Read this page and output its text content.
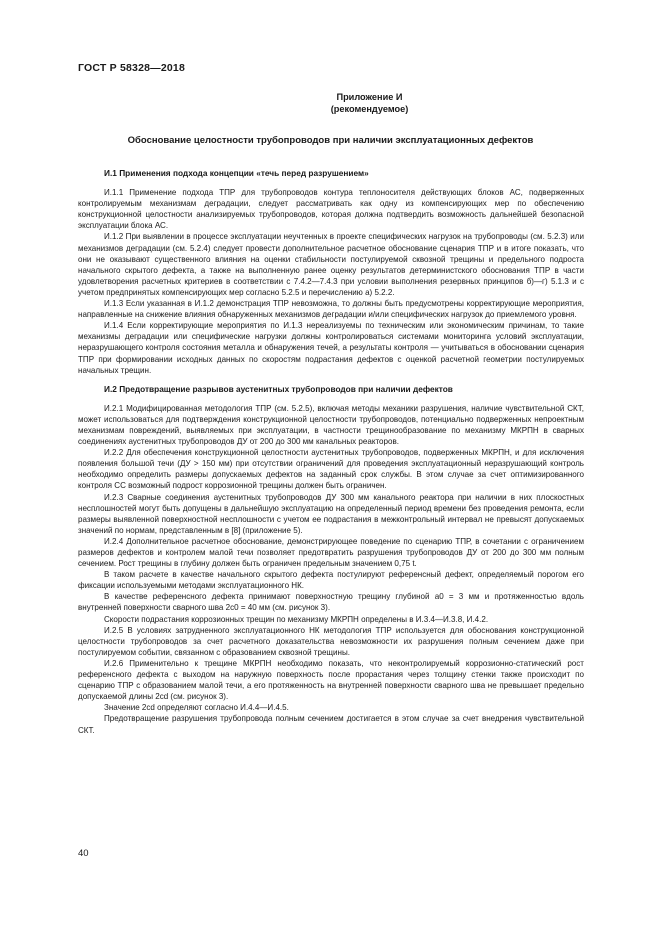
ГОСТ Р 58328—2018
Приложение И
(рекомендуемое)
Обоснование целостности трубопроводов при наличии эксплуатационных дефектов
И.1 Применения подхода концепции «течь перед разрушением»

И.1.1 Применение подхода ТПР для трубопроводов контура теплоносителя действующих блоков АС, подверженных контролируемым механизмам деградации, следует рассматривать как одну из компенсирующих мер по обеспечению конструкционной целостности анализируемых трубопроводов, которая должна подтвердить возможность дальнейшей безопасной эксплуатации блока АС.

И.1.2 При выявлении в процессе эксплуатации неучтенных в проекте специфических нагрузок на трубопроводы (см. 5.2.3) или механизмов деградации (см. 5.2.4) следует провести дополнительное расчетное обоснование сценария ТПР и в итоге показать, что они не оказывают существенного влияния на оценки стабильности постулируемой сквозной трещины и предельного подроста начального скрытого дефекта, а также на выполненную ранее оценку результатов детерминистского обоснования ТПР в части удовлетворения расчетных критериев в соответствии с 7.4.2—7.4.3 при условии выполнения резервных принципов б)—г) 5.1.3 и с учетом предпринятых компенсирующих мер согласно 5.2.5 и перечислению а) 5.2.2.

И.1.3 Если указанная в И.1.2 демонстрация ТПР невозможна, то должны быть предусмотрены корректирующие мероприятия, направленные на снижение влияния обнаруженных механизмов деградации и/или специфических нагрузок до приемлемого уровня.

И.1.4 Если корректирующие мероприятия по И.1.3 нереализуемы по техническим или экономическим причинам, то такие механизмы деградации или специфические нагрузки должны контролироваться системами мониторинга условий эксплуатации, неразрушающего контроля состояния металла и обнаружения течей, а результаты контроля — учитываться в обосновании сценария ТПР при формировании исходных данных по скоростям подрастания дефектов с оценкой расчетной геометрии постулируемых начальных трещин.

И.2 Предотвращение разрывов аустенитных трубопроводов при наличии дефектов

И.2.1 Модифицированная методология ТПР (см. 5.2.5), включая методы механики разрушения, наличие чувствительной СКТ, может использоваться для подтверждения конструкционной целостности трубопроводов, потенциально подверженных непроектным механизмам повреждений, выявляемых при эксплуатации, в частности трещинообразование по механизму МКРПН в сварных соединениях аустенитных трубопроводов ДУ от 200 до 300 мм канальных реакторов.

И.2.2 Для обеспечения конструкционной целостности аустенитных трубопроводов, подверженных МКРПН, и для исключения появления большой течи (ДУ > 150 мм) при отсутствии ограничений для проведения эксплуатационный неразрушающий контроль необходимо определить размеры допускаемых дефектов на заданный срок службы. В этом случае за счет оптимизированного контроля СС возможный подрост коррозионной трещины должен быть ограничен.

И.2.3 Сварные соединения аустенитных трубопроводов ДУ 300 мм канального реактора при наличии в них плоскостных несплошностей могут быть допущены в дальнейшую эксплуатацию на определенный период времени без проведения ремонта, если размеры выявленной поверхностной несплошности с учетом ее подрастания в межконтрольный интервал не превысят допускаемых значений по нормам, представленным в [8] (приложение 5).

И.2.4 Дополнительное расчетное обоснование, демонстрирующее поведение по сценарию ТПР, в сочетании с ограничением размеров дефектов и контролем малой течи позволяет предотвратить разрушения трубопроводов ДУ от 200 до 300 мм полным сечением. Рост трещины в глубину должен быть ограничен предельным значением 0,75 t.

В таком расчете в качестве начального скрытого дефекта постулируют референсный дефект, определяемый порогом его фиксации используемыми методами эксплуатационного НК.

В качестве референсного дефекта принимают поверхностную трещину глубиной a0 = 3 мм и протяженностью вдоль внутренней поверхности сварного шва 2c0 = 40 мм (см. рисунок 3).

Скорости подрастания коррозионных трещин по механизму МКРПН определены в И.3.4—И.3.8, И.4.2.

И.2.5 В условиях затрудненного эксплуатационного НК методология ТПР используется для обоснования конструкционной целостности трубопроводов за счет расчетного доказательства невозможности их разрушения полным сечением даже при постулируемом событии, связанном с образованием сквозной трещины.

И.2.6 Применительно к трещине МКРПН необходимо показать, что неконтролируемый коррозионно-статический рост референсного дефекта с выходом на наружную поверхность после прорастания через толщину стенки также происходит по сценарию ТПР с образованием малой течи, а его протяженность на внутренней поверхности сварного шва не превышает предельно допускаемой длины 2cd (см. рисунок 3).

Значение 2cd определяют согласно И.4.4—И.4.5.

Предотвращение разрушения трубопровода полным сечением достигается в этом случае за счет внедрения чувствительной СКТ.

40
